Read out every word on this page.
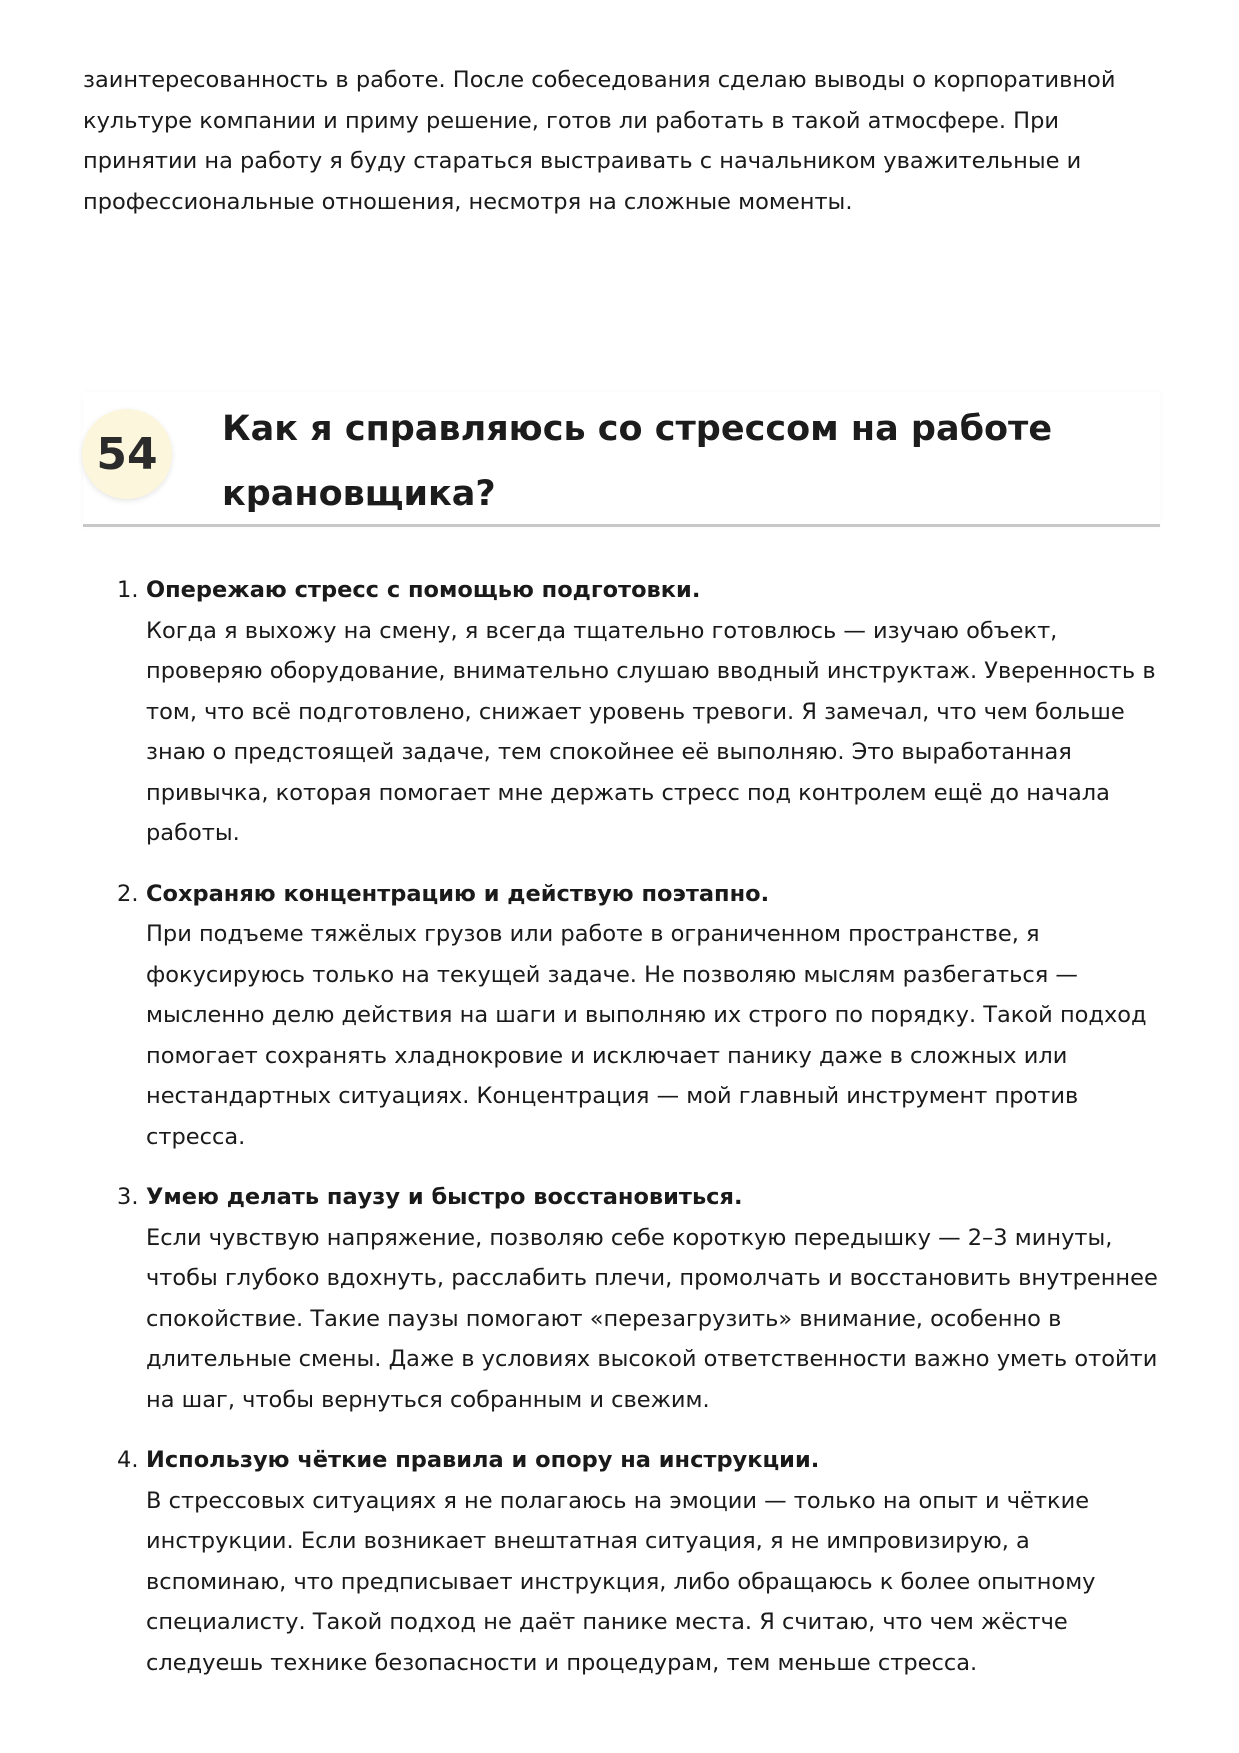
заинтересованность в работе. После собеседования сделаю выводы о корпоративной культуре компании и приму решение, готов ли работать в такой атмосфере. При принятии на работу я буду стараться выстраивать с начальником уважительные и профессиональные отношения, несмотря на сложные моменты.

54	Как я справляюсь со стрессом на работе крановщика?
1. Опережаю стресс с помощью подготовки.

Когда я выхожу на смену, я всегда тщательно готовлюсь — изучаю объект, проверяю оборудование, внимательно слушаю вводный инструктаж. Уверенность в том, что всё подготовлено, снижает уровень тревоги. Я замечал, что чем больше знаю о предстоящей задаче, тем спокойнее её выполняю. Это выработанная привычка, которая помогает мне держать стресс под контролем ещё до начала работы.

2. Сохраняю концентрацию и действую поэтапно.

При подъеме тяжёлых грузов или работе в ограниченном пространстве, я фокусируюсь только на текущей задаче. Не позволяю мыслям разбегаться — мысленно делю действия на шаги и выполняю их строго по порядку. Такой подход помогает сохранять хладнокровие и исключает панику даже в сложных или нестандартных ситуациях. Концентрация — мой главный инструмент против стресса.

3. Умею делать паузу и быстро восстановиться.

Если чувствую напряжение, позволяю себе короткую передышку — 2–3 минуты, чтобы глубоко вдохнуть, расслабить плечи, промолчать и восстановить внутреннее спокойствие. Такие паузы помогают «перезагрузить» внимание, особенно в длительные смены. Даже в условиях высокой ответственности важно уметь отойти на шаг, чтобы вернуться собранным и свежим.

4. Использую чёткие правила и опору на инструкции.

В стрессовых ситуациях я не полагаюсь на эмоции — только на опыт и чёткие инструкции. Если возникает внештатная ситуация, я не импровизирую, а вспоминаю, что предписывает инструкция, либо обращаюсь к более опытному специалисту. Такой подход не даёт панике места. Я считаю, что чем жёстче следуешь технике безопасности и процедурам, тем меньше стресса.
